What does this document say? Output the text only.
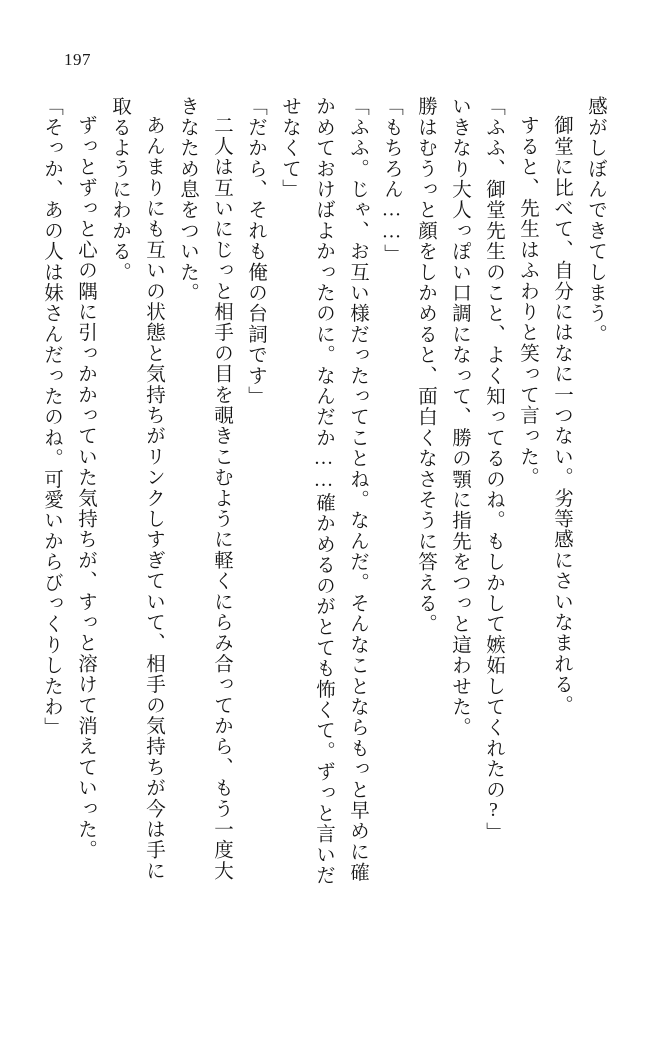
197
感がしぼんできてしまう。
御堂に比べて、自分にはなに一つない。劣等感にさいなまれる。
すると、先生はふわりと笑って言った。
「ふふ、御堂先生のこと、よく知ってるのね。もしかして嫉妬してくれたの?」
いきなり大人っぽい口調になって、勝の顎に指先をつっと這わせた。
勝はむうっと顔をしかめると、面白くなさそうに答える。
「もちろん……」
「ふふ。じゃ、お互い様だったってことね。なんだ。そんなことならもっと早めに確
かめておけばよかったのに。なんだか……確かめるのがとても怖くて。ずっと言いだ
せなくて」
「だから、それも俺の台詞です」
二人は互いにじっと相手の目を覗きこむように軽くにらみ合ってから、もう一度大
きなため息をついた。
あんまりにも互いの状態と気持ちがリンクしすぎていて、相手の気持ちが今は手に
取るようにわかる。
ずっとずっと心の隅に引っかかっていた気持ちが、すっと溶けて消えていった。
「そっか、あの人は妹さんだったのね。可愛いからびっくりしたわ」
